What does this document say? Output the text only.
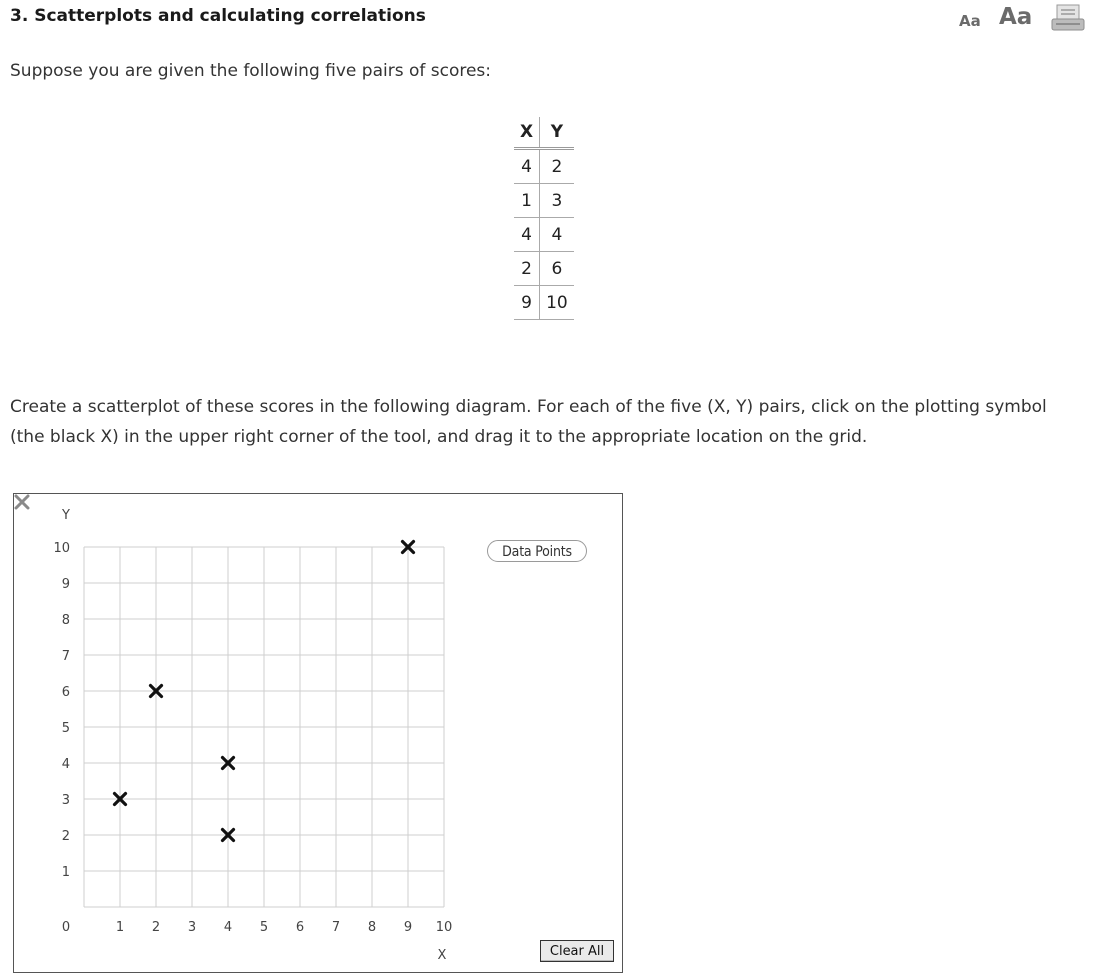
3. Scatterplots and calculating correlations	Aa Aa

Suppose you are given the following five pairs of scores:

X	Y
4	2
1	3
4	4
2	6
9	10

Create a scatterplot of these scores in the following diagram. For each of the five (X, Y) pairs, click on the plotting symbol (the black X) in the upper right corner of the tool, and drag it to the appropriate location on the grid.

10
9
8
7
6
5
4
3
2
1
1 2 3 4 5 6 7 8 9 10
0
Y
X
Data Points
Clear All
